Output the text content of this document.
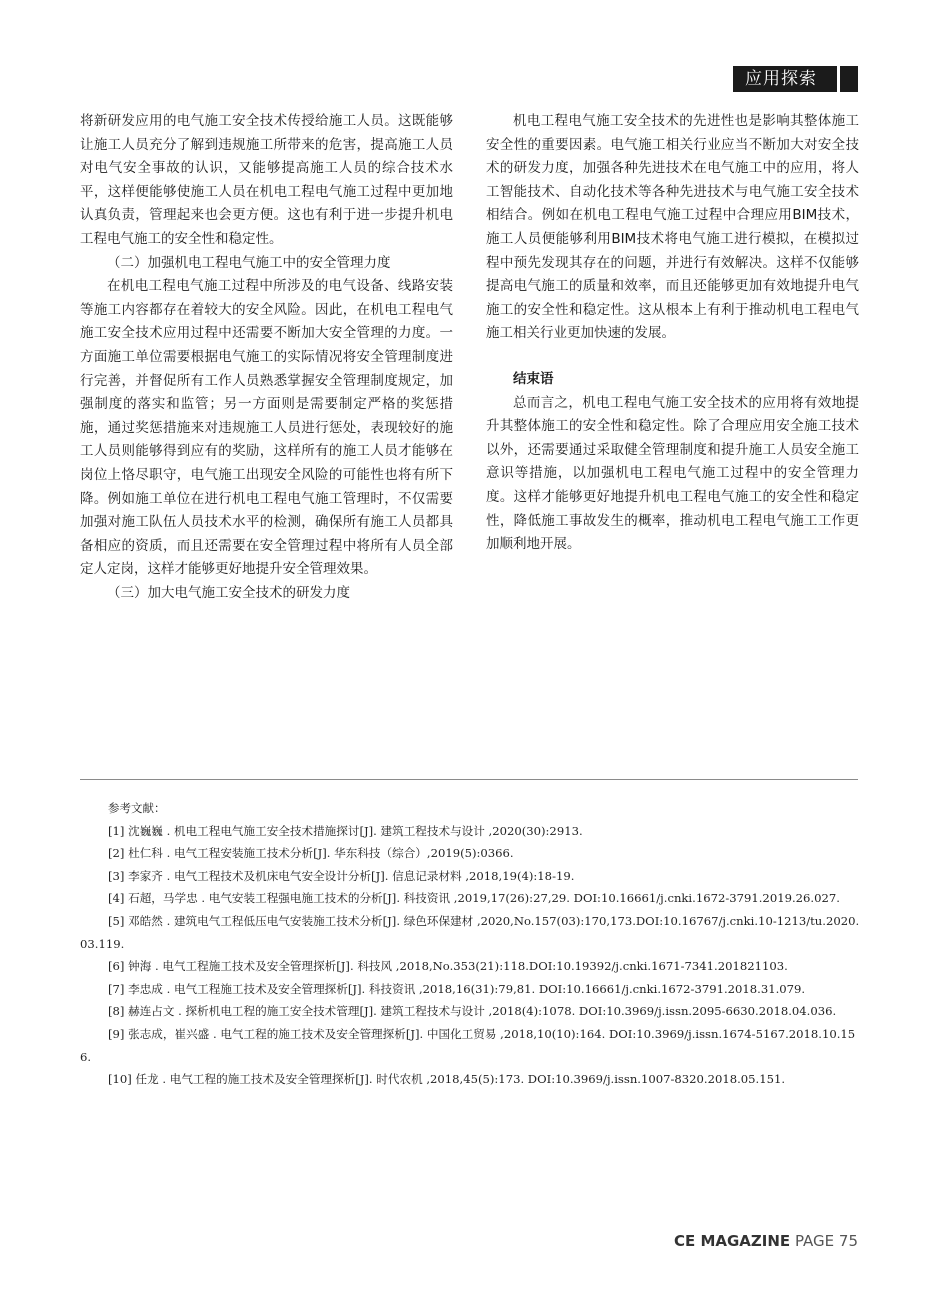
应用探索

将新研发应用的电气施工安全技术传授给施工人员。这既能够让施工人员充分了解到违规施工所带来的危害，提高施工人员对电气安全事故的认识，又能够提高施工人员的综合技术水平，这样便能够使施工人员在机电工程电气施工过程中更加地认真负责，管理起来也会更方便。这也有利于进一步提升机电工程电气施工的安全性和稳定性。

（二）加强机电工程电气施工中的安全管理力度

在机电工程电气施工过程中所涉及的电气设备、线路安装等施工内容都存在着较大的安全风险。因此，在机电工程电气施工安全技术应用过程中还需要不断加大安全管理的力度。一方面施工单位需要根据电气施工的实际情况将安全管理制度进行完善，并督促所有工作人员熟悉掌握安全管理制度规定，加强制度的落实和监管；另一方面则是需要制定严格的奖惩措施，通过奖惩措施来对违规施工人员进行惩处，表现较好的施工人员则能够得到应有的奖励，这样所有的施工人员才能够在岗位上恪尽职守，电气施工出现安全风险的可能性也将有所下降。例如施工单位在进行机电工程电气施工管理时，不仅需要加强对施工队伍人员技术水平的检测，确保所有施工人员都具备相应的资质，而且还需要在安全管理过程中将所有人员全部定人定岗，这样才能够更好地提升安全管理效果。

（三）加大电气施工安全技术的研发力度

机电工程电气施工安全技术的先进性也是影响其整体施工安全性的重要因素。电气施工相关行业应当不断加大对安全技术的研发力度，加强各种先进技术在电气施工中的应用，将人工智能技术、自动化技术等各种先进技术与电气施工安全技术相结合。例如在机电工程电气施工过程中合理应用BIM技术，施工人员便能够利用BIM技术将电气施工进行模拟，在模拟过程中预先发现其存在的问题，并进行有效解决。这样不仅能够提高电气施工的质量和效率，而且还能够更加有效地提升电气施工的安全性和稳定性。这从根本上有利于推动机电工程电气施工相关行业更加快速的发展。

结束语

总而言之，机电工程电气施工安全技术的应用将有效地提升其整体施工的安全性和稳定性。除了合理应用安全施工技术以外，还需要通过采取健全管理制度和提升施工人员安全施工意识等措施，以加强机电工程电气施工过程中的安全管理力度。这样才能够更好地提升机电工程电气施工的安全性和稳定性，降低施工事故发生的概率，推动机电工程电气施工工作更加顺利地开展。

参考文献：
[1] 沈巍巍 . 机电工程电气施工安全技术措施探讨[J]. 建筑工程技术与设计 ,2020(30):2913.
[2] 杜仁科 . 电气工程安装施工技术分析[J]. 华东科技（综合）,2019(5):0366.
[3] 李家齐 . 电气工程技术及机床电气安全设计分析[J]. 信息记录材料 ,2018,19(4):18-19.
[4] 石超，马学忠 . 电气安装工程强电施工技术的分析[J]. 科技资讯 ,2019,17(26):27,29. DOI:10.16661/j.cnki.1672-3791.2019.26.027.
[5] 邓皓然 . 建筑电气工程低压电气安装施工技术分析[J]. 绿色环保建材 ,2020,No.157(03):170,173.DOI:10.16767/j.cnki.10-1213/tu.2020.03.119.
[6] 钟海 . 电气工程施工技术及安全管理探析[J]. 科技风 ,2018,No.353(21):118.DOI:10.19392/j.cnki.1671-7341.201821103.
[7] 李忠成 . 电气工程施工技术及安全管理探析[J]. 科技资讯 ,2018,16(31):79,81. DOI:10.16661/j.cnki.1672-3791.2018.31.079.
[8] 赫连占文 . 探析机电工程的施工安全技术管理[J]. 建筑工程技术与设计 ,2018(4):1078. DOI:10.3969/j.issn.2095-6630.2018.04.036.
[9] 张志成，崔兴盛 . 电气工程的施工技术及安全管理探析[J]. 中国化工贸易 ,2018,10(10):164. DOI:10.3969/j.issn.1674-5167.2018.10.156.
[10] 任龙 . 电气工程的施工技术及安全管理探析[J]. 时代农机 ,2018,45(5):173. DOI:10.3969/j.issn.1007-8320.2018.05.151.
CE MAGAZINE PAGE 75
